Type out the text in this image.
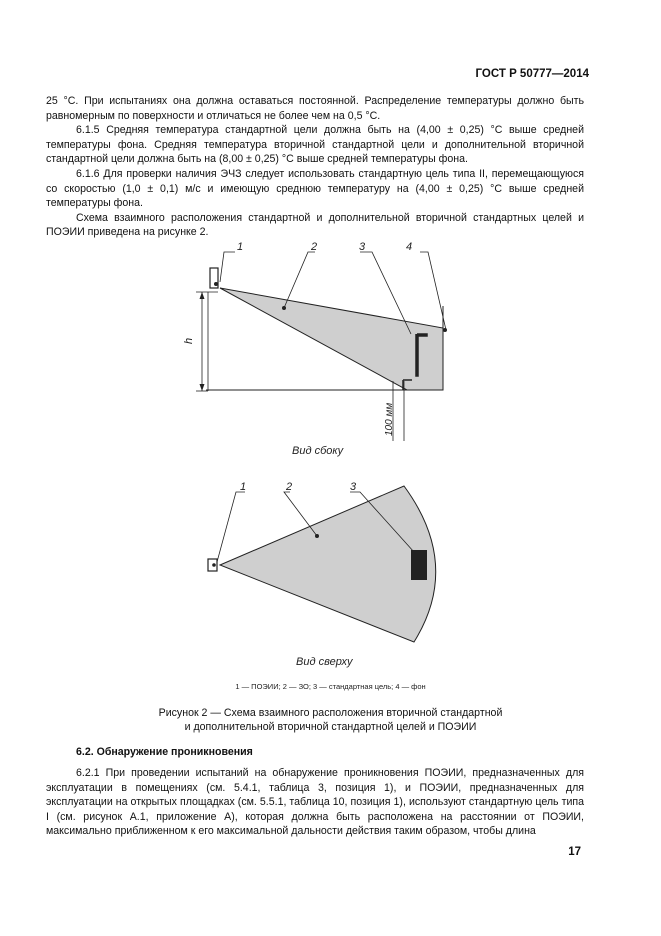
ГОСТ Р 50777—2014

25 °С. При испытаниях она должна оставаться постоянной. Распределение температуры должно быть равномерным по поверхности и отличаться не более чем на 0,5 °С.

6.1.5 Средняя температура стандартной цели должна быть на (4,00 ± 0,25) °С выше средней температуры фона. Средняя температура вторичной стандартной цели и дополнительной вторичной стандартной цели должна быть на (8,00 ± 0,25) °С выше средней температуры фона.

6.1.6 Для проверки наличия ЭЧЗ следует использовать стандартную цель типа II, перемещающуюся со скоростью (1,0 ± 0,1) м/с и имеющую среднюю температуру на (4,00 ± 0,25) °С выше средней температуры фона.

Схема взаимного расположения стандартной и дополнительной вторичной стандартных целей и ПОЭИИ приведена на рисунке 2.

h
100 мм
1	2	3	4
Вид сбоку
1	2	3
Вид сверху
1 — ПОЭИИ; 2 — ЗО; 3 — стандартная цель; 4 — фон
Рисунок 2 — Схема взаимного расположения вторичной стандартной
и дополнительной вторичной стандартной целей и ПОЭИИ
6.2. Обнаружение проникновения

6.2.1 При проведении испытаний на обнаружение проникновения ПОЭИИ, предназначенных для эксплуатации в помещениях (см. 5.4.1, таблица 3, позиция 1), и ПОЭИИ, предназначенных для эксплуатации на открытых площадках (см. 5.5.1, таблица 10, позиция 1), используют стандартную цель типа I (см. рисунок А.1, приложение А), которая должна быть расположена на расстоянии от ПОЭИИ, максимально приближенном к его максимальной дальности действия таким образом, чтобы длина

17
